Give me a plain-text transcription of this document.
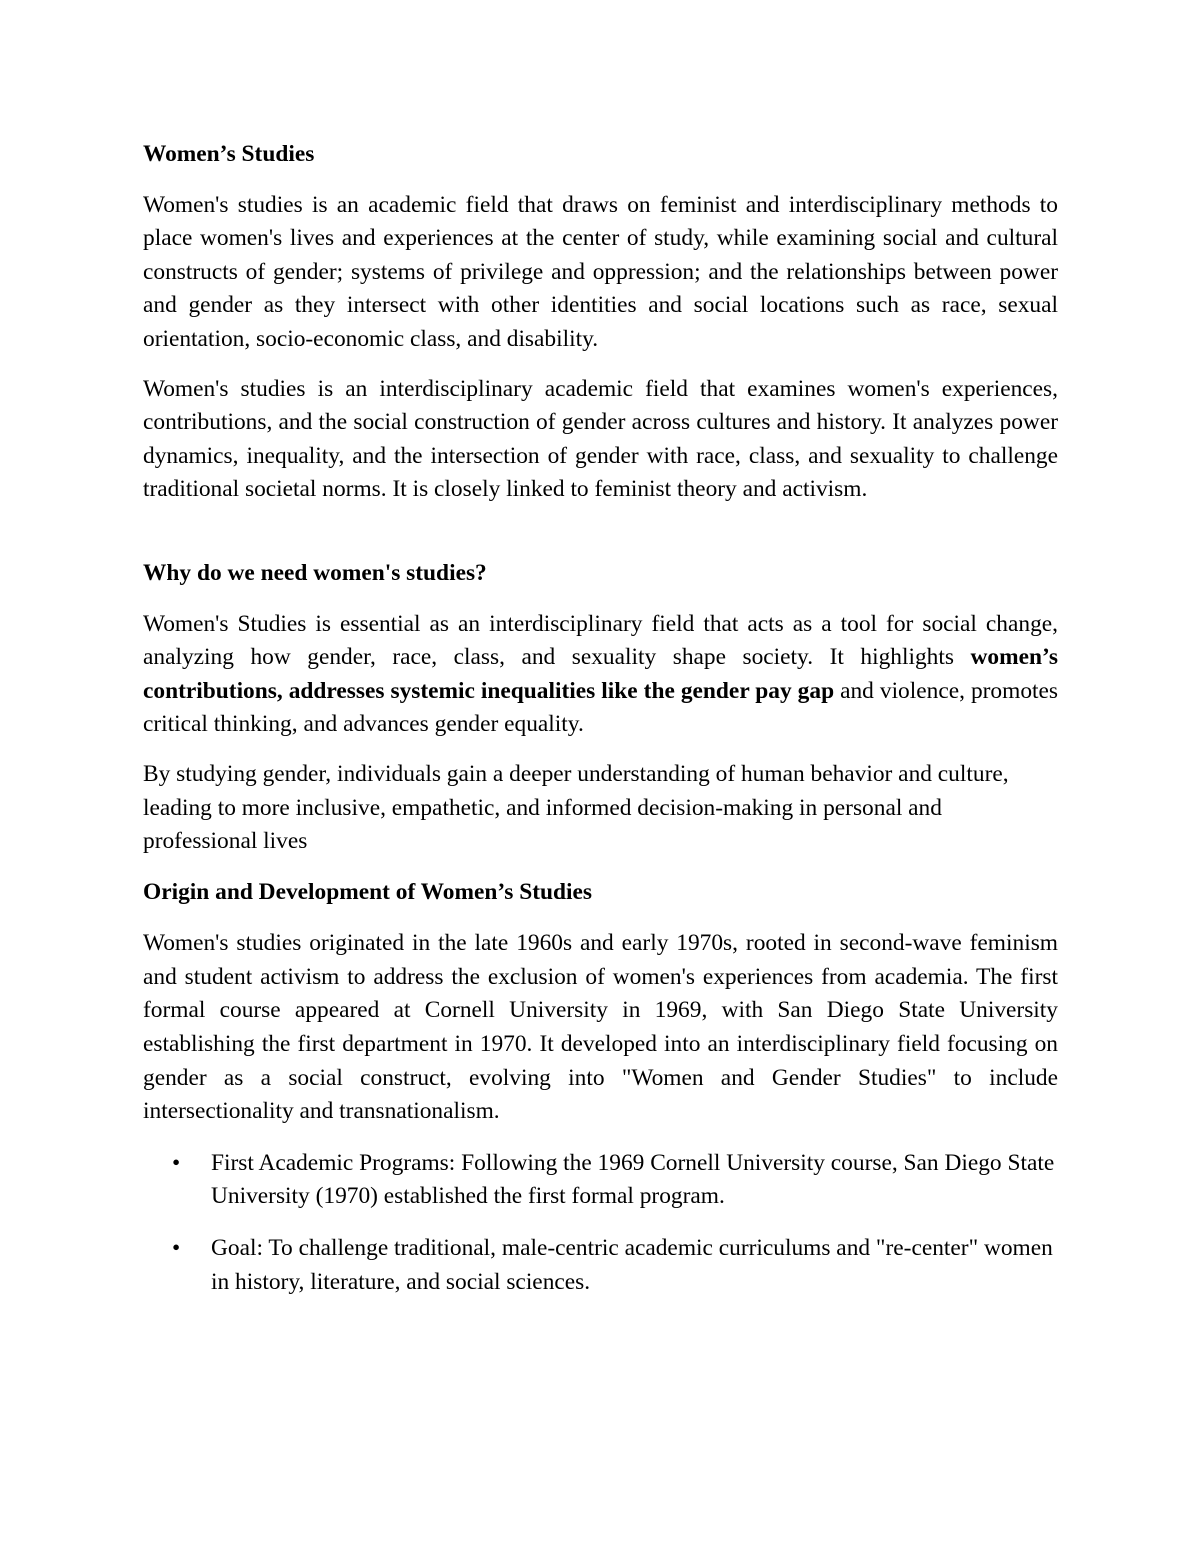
Women’s Studies

Women's studies is an academic field that draws on feminist and interdisciplinary methods to place women's lives and experiences at the center of study, while examining social and cultural constructs of gender; systems of privilege and oppression; and the relationships between power and gender as they intersect with other identities and social locations such as race, sexual orientation, socio-economic class, and disability.

Women's studies is an interdisciplinary academic field that examines women's experiences, contributions, and the social construction of gender across cultures and history. It analyzes power dynamics, inequality, and the intersection of gender with race, class, and sexuality to challenge traditional societal norms. It is closely linked to feminist theory and activism.

Why do we need women's studies?

Women's Studies is essential as an interdisciplinary field that acts as a tool for social change, analyzing how gender, race, class, and sexuality shape society. It highlights women’s contributions, addresses systemic inequalities like the gender pay gap and violence, promotes critical thinking, and advances gender equality.

By studying gender, individuals gain a deeper understanding of human behavior and culture, leading to more inclusive, empathetic, and informed decision-making in personal and professional lives

Origin and Development of Women’s Studies

Women's studies originated in the late 1960s and early 1970s, rooted in second-wave feminism and student activism to address the exclusion of women's experiences from academia. The first formal course appeared at Cornell University in 1969, with San Diego State University establishing the first department in 1970. It developed into an interdisciplinary field focusing on gender as a social construct, evolving into "Women and Gender Studies" to include intersectionality and transnationalism.

• First Academic Programs: Following the 1969 Cornell University course, San Diego State University (1970) established the first formal program.
• Goal: To challenge traditional, male-centric academic curriculums and "re-center" women in history, literature, and social sciences.
